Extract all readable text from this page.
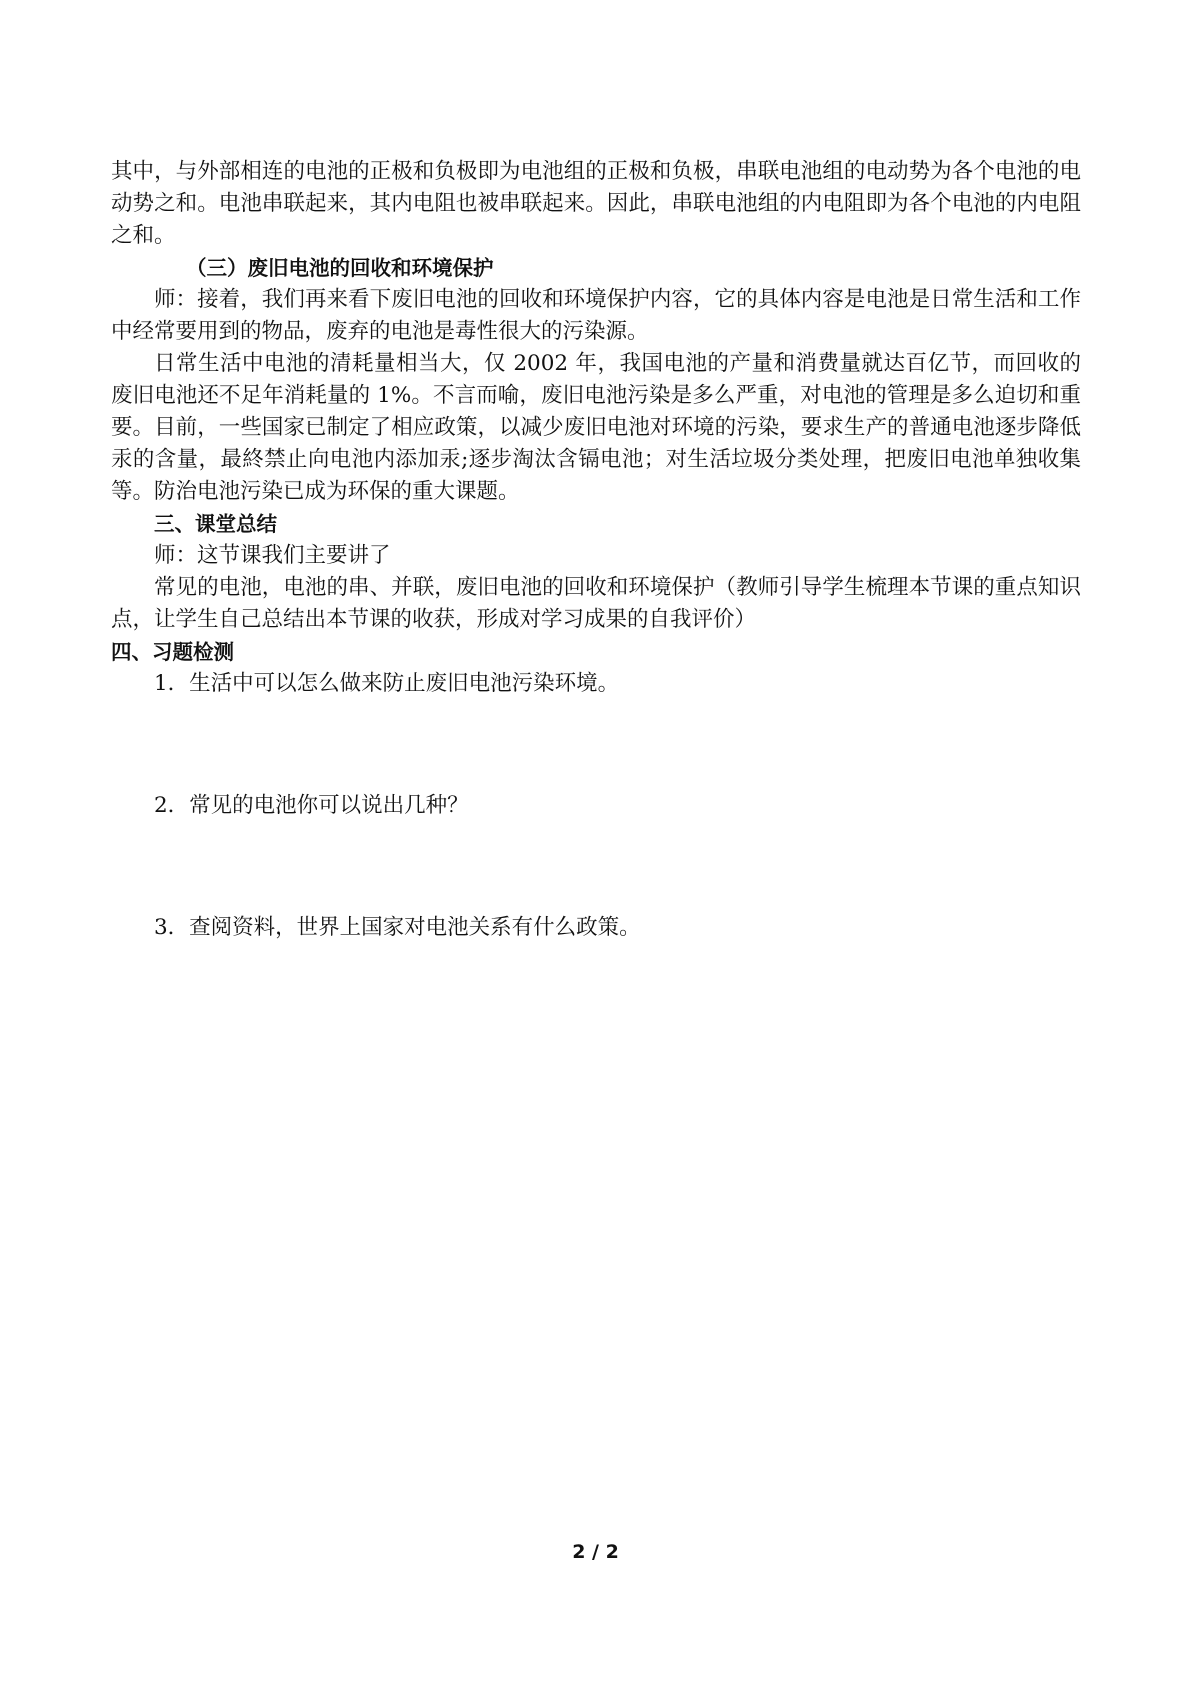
其中，与外部相连的电池的正极和负极即为电池组的正极和负极，串联电池组的电动势为各个电池的电动势之和。电池串联起来，其内电阻也被串联起来。因此，串联电池组的内电阻即为各个电池的内电阻之和。

（三）废旧电池的回收和环境保护

师：接着，我们再来看下废旧电池的回收和环境保护内容，它的具体内容是电池是日常生活和工作中经常要用到的物品，废弃的电池是毒性很大的污染源。

日常生活中电池的清耗量相当大，仅 2002 年，我国电池的产量和消费量就达百亿节，而回收的废旧电池还不足年消耗量的 1%。不言而喻，废旧电池污染是多么严重，对电池的管理是多么迫切和重要。目前，一些国家已制定了相应政策，以减少废旧电池对环境的污染，要求生产的普通电池逐步降低汞的含量，最終禁止向电池内添加汞;逐步淘汰含镉电池；对生活垃圾分类处理，把废旧电池单独收集等。防治电池污染已成为环保的重大课题。

三、课堂总结

师：这节课我们主要讲了

常见的电池，电池的串、并联，废旧电池的回收和环境保护（教师引导学生梳理本节课的重点知识点，让学生自己总结出本节课的收获，形成对学习成果的自我评价）

四、习题检测

1．生活中可以怎么做来防止废旧电池污染环境。

2．常见的电池你可以说出几种？

3．查阅资料，世界上国家对电池关系有什么政策。

2 / 2
